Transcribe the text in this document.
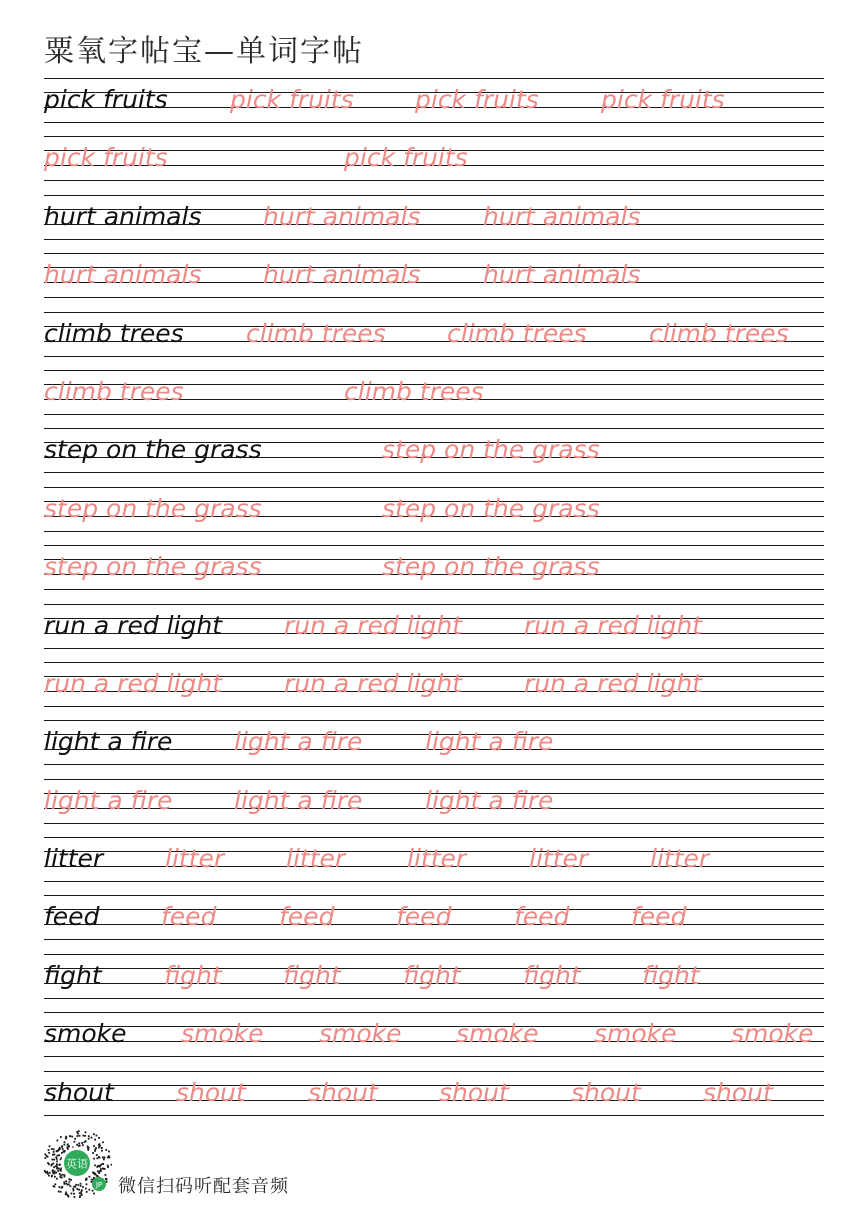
粟氧字帖宝—单词字帖
pick fruits pick fruits pick fruits pick fruits
pick fruits	pick fruits
hurt animals hurt animals	hurt animals
hurt animals hurt animals	hurt animals
climb trees climb trees climb trees climb trees
climb trees	climb trees
step on the grass	step on the grass
step on the grass	step on the grass
step on the grass	step on the grass
run a red light run a red light run a red light
run a red light run a red light run a red light
light a fire light a fire	light a fire
light a fire light a fire	light a fire
litter litter litter litter	litter litter
feed feed	feed feed	feed feed
fight fight fight fight fight fight
smoke smoke smoke smoke smoke smoke
shout shout shout shout shout shout
英语
JP 微信扫码听配套音频
